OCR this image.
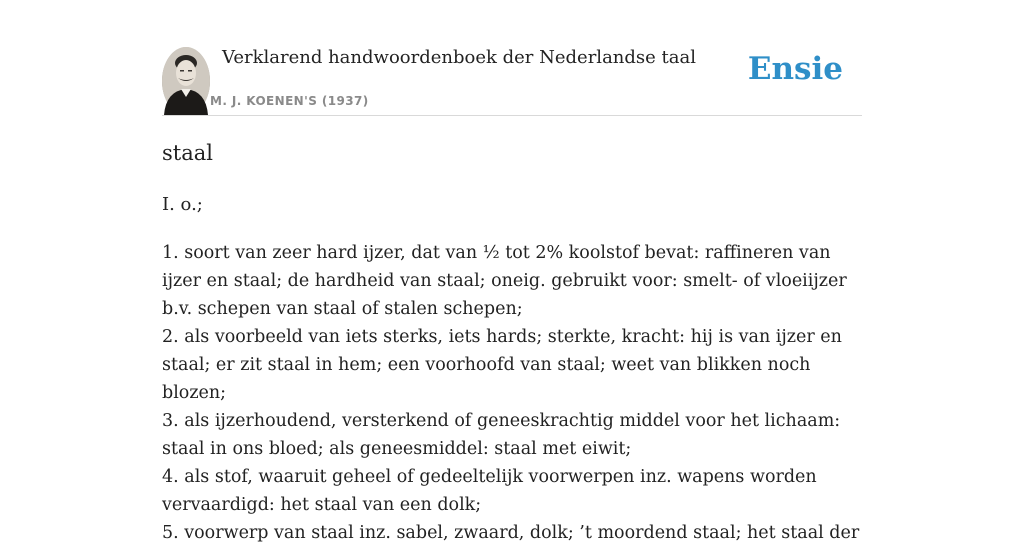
Verklarend handwoordenboek der Nederlandse taal
M. J. KOENEN'S (1937)
Ensie
staal
I. o.;
1. soort van zeer hard ijzer, dat van ½ tot 2% koolstof bevat: raffineren van ijzer en staal; de hardheid van staal; oneig. gebruikt voor: smelt- of vloeiijzer b.v. schepen van staal of stalen schepen;
2. als voorbeeld van iets sterks, iets hards; sterkte, kracht: hij is van ijzer en staal; er zit staal in hem; een voorhoofd van staal; weet van blikken noch blozen;
3. als ijzerhoudend, versterkend of geneeskrachtig middel voor het lichaam: staal in ons bloed; als geneesmiddel: staal met eiwit;
4. als stof, waaruit geheel of gedeeltelijk voorwerpen inz. wapens worden vervaardigd: het staal van een dolk;
5. voorwerp van staal inz. sabel, zwaard, dolk; ’t moordend staal; het staal der
